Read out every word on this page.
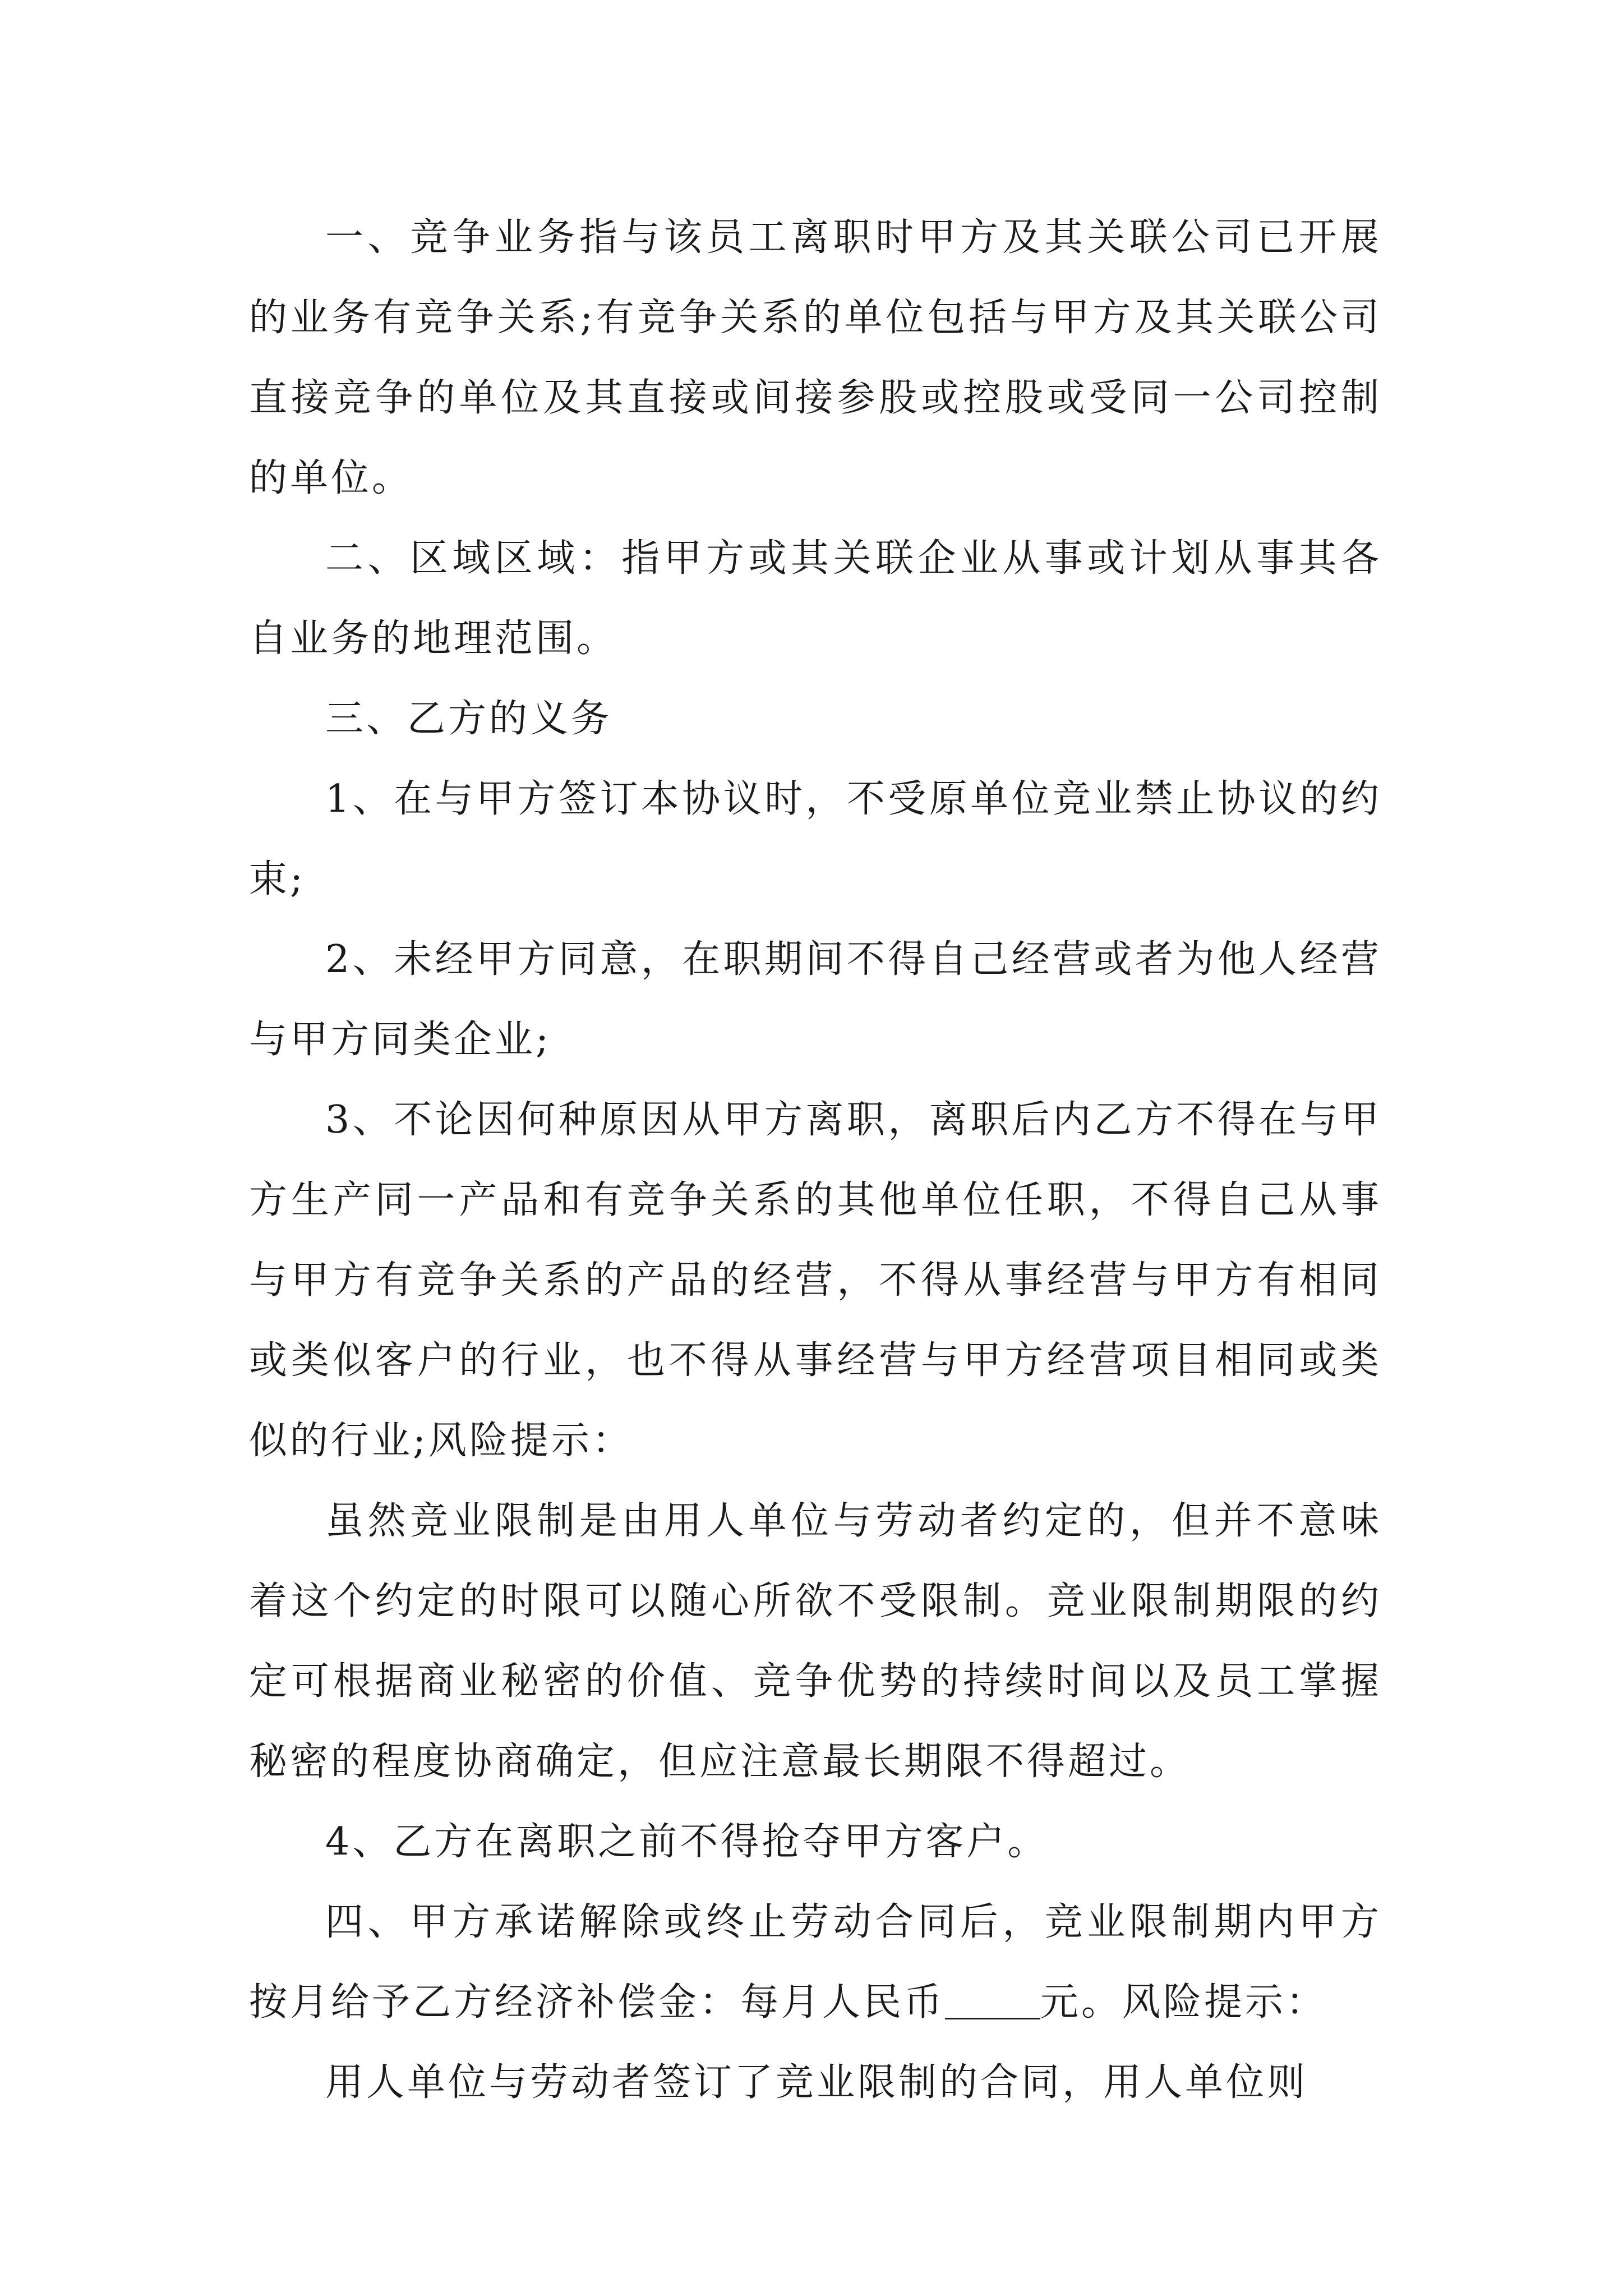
一、竞争业务指与该员工离职时甲方及其关联公司已开展的业务有竞争关系;有竞争关系的单位包括与甲方及其关联公司直接竞争的单位及其直接或间接参股或控股或受同一公司控制的单位。

二、区域区域：指甲方或其关联企业从事或计划从事其各自业务的地理范围。

三、乙方的义务

1、在与甲方签订本协议时，不受原单位竞业禁止协议的约束;

2、未经甲方同意，在职期间不得自己经营或者为他人经营与甲方同类企业;

3、不论因何种原因从甲方离职，离职后内乙方不得在与甲方生产同一产品和有竞争关系的其他单位任职，不得自己从事与甲方有竞争关系的产品的经营，不得从事经营与甲方有相同或类似客户的行业，也不得从事经营与甲方经营项目相同或类似的行业;风险提示：

虽然竞业限制是由用人单位与劳动者约定的，但并不意味着这个约定的时限可以随心所欲不受限制。竞业限制期限的约定可根据商业秘密的价值、竞争优势的持续时间以及员工掌握秘密的程度协商确定，但应注意最长期限不得超过。

4、乙方在离职之前不得抢夺甲方客户。

四、甲方承诺解除或终止劳动合同后，竞业限制期内甲方按月给予乙方经济补偿金：每月人民币	元。风险提示：

用人单位与劳动者签订了竞业限制的合同，用人单位则
